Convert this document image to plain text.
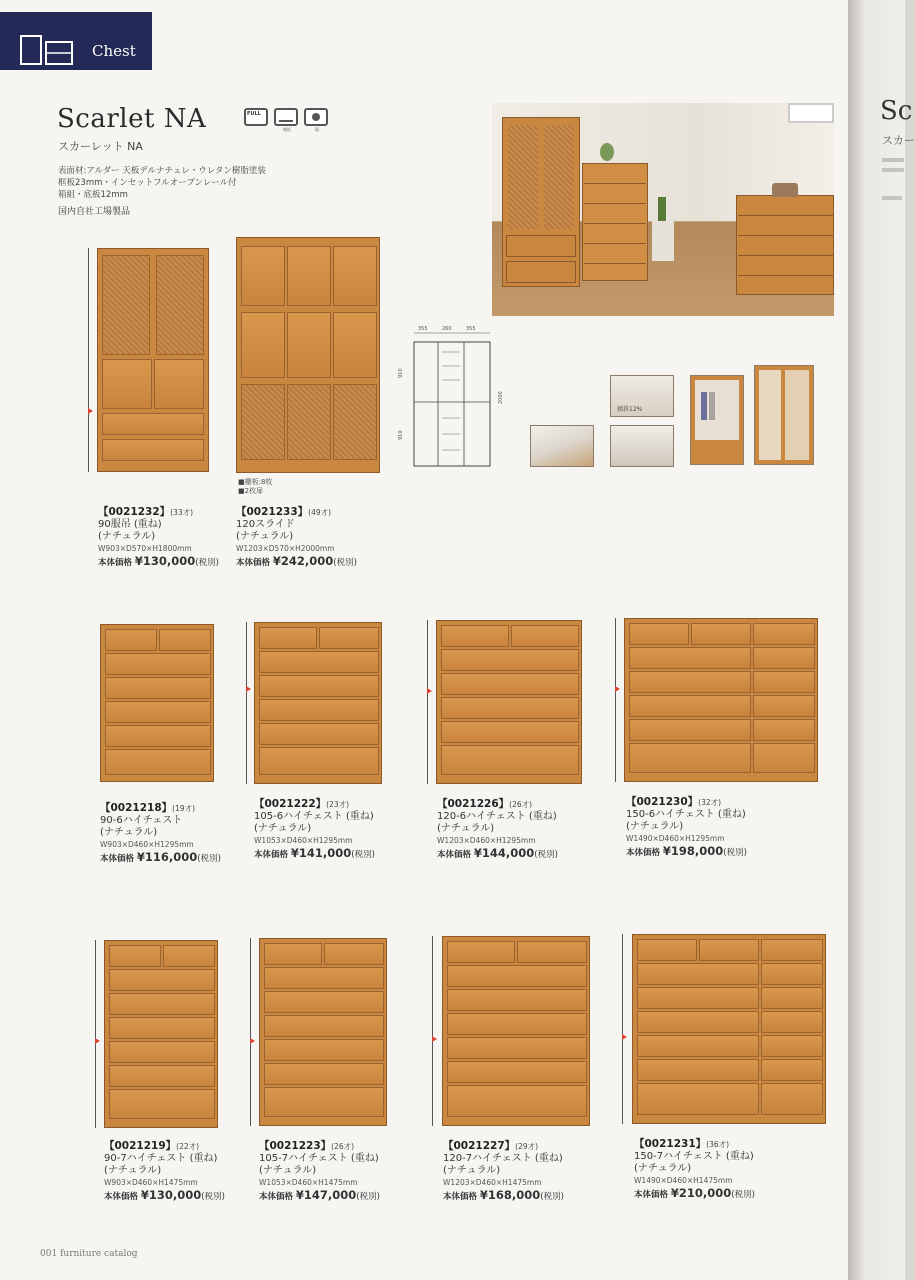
Chest
Scarlet NA
スカーレット NA
表面材:アルダー 天板デルナチュレ・ウレタン樹脂塗装
框板23mm・インセットフルオープンレール付
箱組・底板12mm
国内自社工場製品
FULL
棚板	鏡
■棚板:8枚
■2枚扉
355	260	355
910
910
2000
傾斜12%
【0021232】(33才)
90服吊 (重ね)
(ナチュラル)
W903×D570×H1800mm
本体価格 ¥130,000(税別)
【0021233】(49才)
120スライド
(ナチュラル)
W1203×D570×H2000mm
本体価格 ¥242,000(税別)
【0021218】(19才)
90-6ハイチェスト
(ナチュラル)
W903×D460×H1295mm
本体価格 ¥116,000(税別)
【0021222】(23才)
105-6ハイチェスト (重ね)
(ナチュラル)
W1053×D460×H1295mm
本体価格 ¥141,000(税別)
【0021226】(26才)
120-6ハイチェスト (重ね)
(ナチュラル)
W1203×D460×H1295mm
本体価格 ¥144,000(税別)
【0021230】(32才)
150-6ハイチェスト (重ね)
(ナチュラル)
W1490×D460×H1295mm
本体価格 ¥198,000(税別)
【0021219】(22才)
90-7ハイチェスト (重ね)
(ナチュラル)
W903×D460×H1475mm
本体価格 ¥130,000(税別)
【0021223】(26才)
105-7ハイチェスト (重ね)
(ナチュラル)
W1053×D460×H1475mm
本体価格 ¥147,000(税別)
【0021227】(29才)
120-7ハイチェスト (重ね)
(ナチュラル)
W1203×D460×H1475mm
本体価格 ¥168,000(税別)
【0021231】(36才)
150-7ハイチェスト (重ね)
(ナチュラル)
W1490×D460×H1475mm
本体価格 ¥210,000(税別)
001 furniture catalog
Sc
スカー
